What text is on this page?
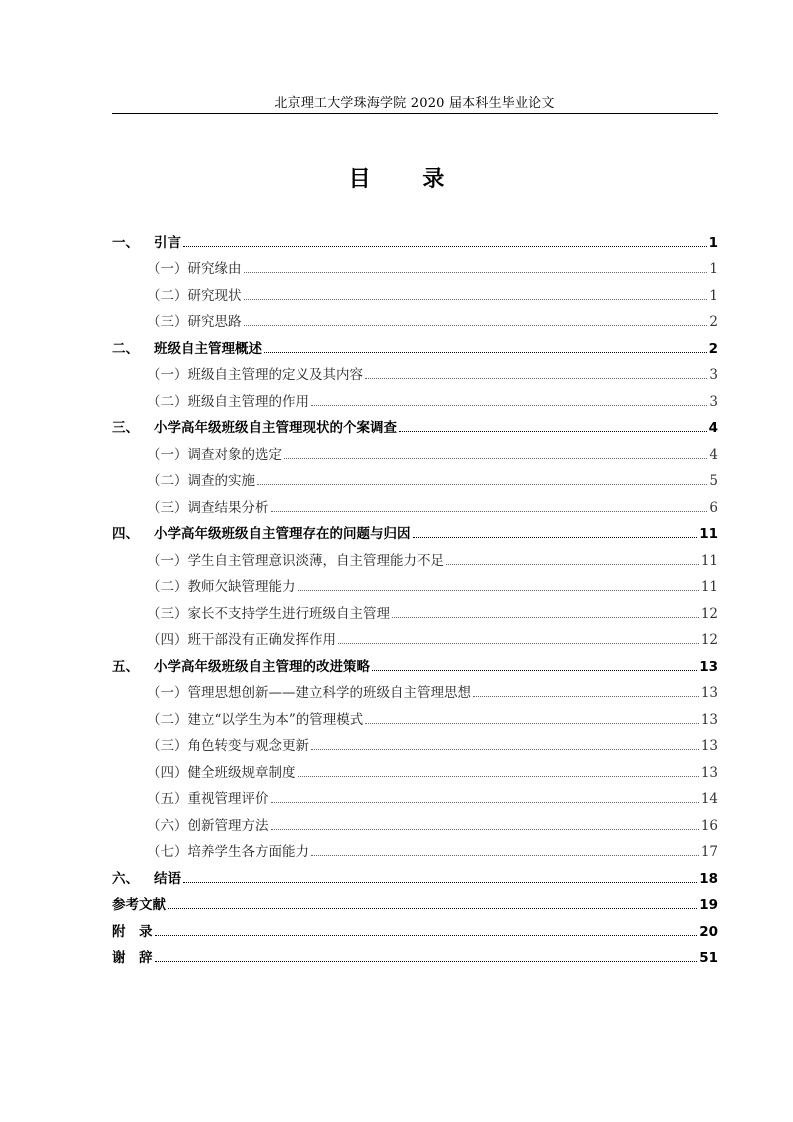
北京理工大学珠海学院 2020 届本科生毕业论文
目 录
一、	引言	1
（一）研究缘由	1
（二）研究现状	1
（三）研究思路	2
二、	班级自主管理概述	2
（一）班级自主管理的定义及其内容	3
（二）班级自主管理的作用	3
三、	小学高年级班级自主管理现状的个案调查	4
（一）调查对象的选定	4
（二）调查的实施	5
（三）调查结果分析	6
四、	小学高年级班级自主管理存在的问题与归因	11
（一）学生自主管理意识淡薄，自主管理能力不足	11
（二）教师欠缺管理能力	11
（三）家长不支持学生进行班级自主管理	12
（四）班干部没有正确发挥作用	12
五、	小学高年级班级自主管理的改进策略	13
（一）管理思想创新——建立科学的班级自主管理思想	13
（二）建立“以学生为本”的管理模式	13
（三）角色转变与观念更新	13
（四）健全班级规章制度	13
（五）重视管理评价	14
（六）创新管理方法	16
（七）培养学生各方面能力	17
六、	结语	18
参考文献	19
附　录	20
谢　辞	51
